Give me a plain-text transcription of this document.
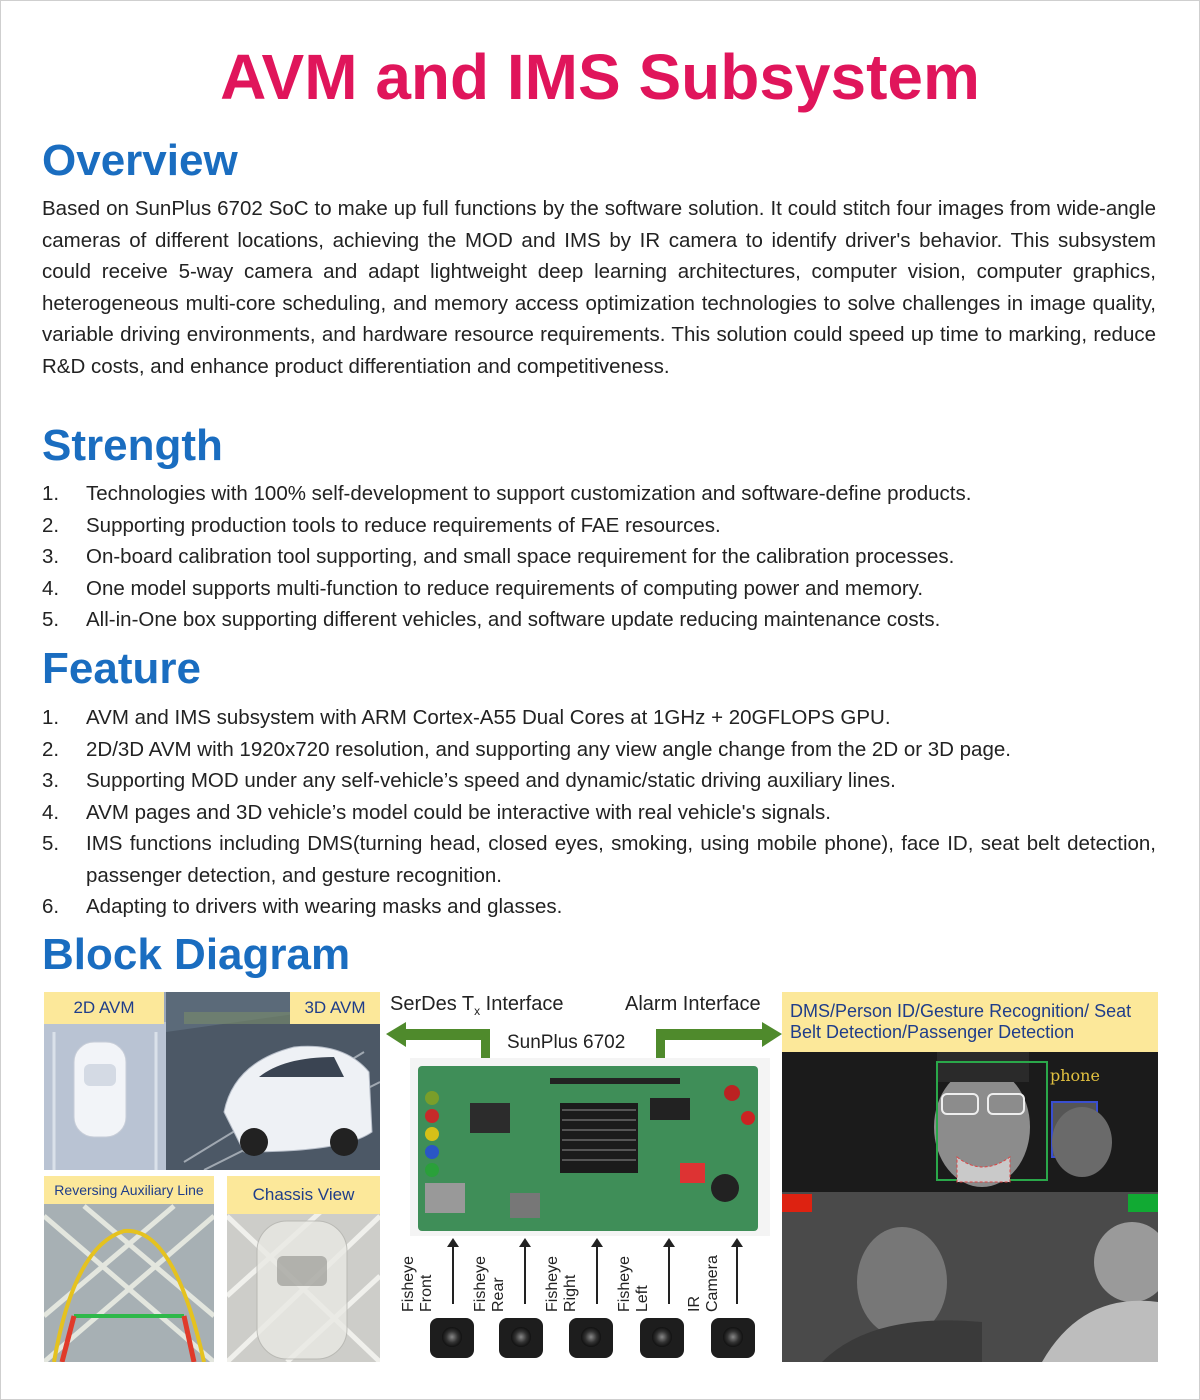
AVM and IMS Subsystem
Overview
Based on SunPlus 6702 SoC to make up full functions by the software solution. It could stitch four images from wide-angle cameras of different locations, achieving the MOD and IMS by IR camera to identify driver's behavior. This subsystem could receive 5-way camera and adapt lightweight deep learning architectures, computer vision, computer graphics, heterogeneous multi-core scheduling, and memory access optimization technologies to solve challenges in image quality, variable driving environments, and hardware resource requirements. This solution could speed up time to marking, reduce R&D costs, and enhance product differentiation and competitiveness.
Strength
1. Technologies with 100% self-development to support customization and software-define products.
2. Supporting production tools to reduce requirements of FAE resources.
3. On-board calibration tool supporting, and small space requirement for the calibration processes.
4. One model supports multi-function to reduce requirements of computing power and memory.
5. All-in-One box supporting different vehicles, and software update reducing maintenance costs.
Feature
1. AVM and IMS subsystem with ARM Cortex-A55 Dual Cores at 1GHz + 20GFLOPS GPU.
2. 2D/3D AVM with 1920x720 resolution, and supporting any view angle change from the 2D or 3D page.
3. Supporting MOD under any self-vehicle’s speed and dynamic/static driving auxiliary lines.
4. AVM pages and 3D vehicle’s model could be interactive with real vehicle's signals.
5. IMS functions including DMS(turning head, closed eyes, smoking, using mobile phone), face ID, seat belt detection, passenger detection, and gesture recognition.
6. Adapting to drivers with wearing masks and glasses.
Block Diagram
2D AVM	3D AVM
Reversing Auxiliary Line	Chassis View
SerDes $T_x$ Interface	Alarm Interface
SunPlus 6702
Fisheye Front Fisheye Rear Fisheye Right Fisheye Left IR Camera
DMS/Person ID/Gesture Recognition/ Seat Belt Detection/Passenger Detection
phone
